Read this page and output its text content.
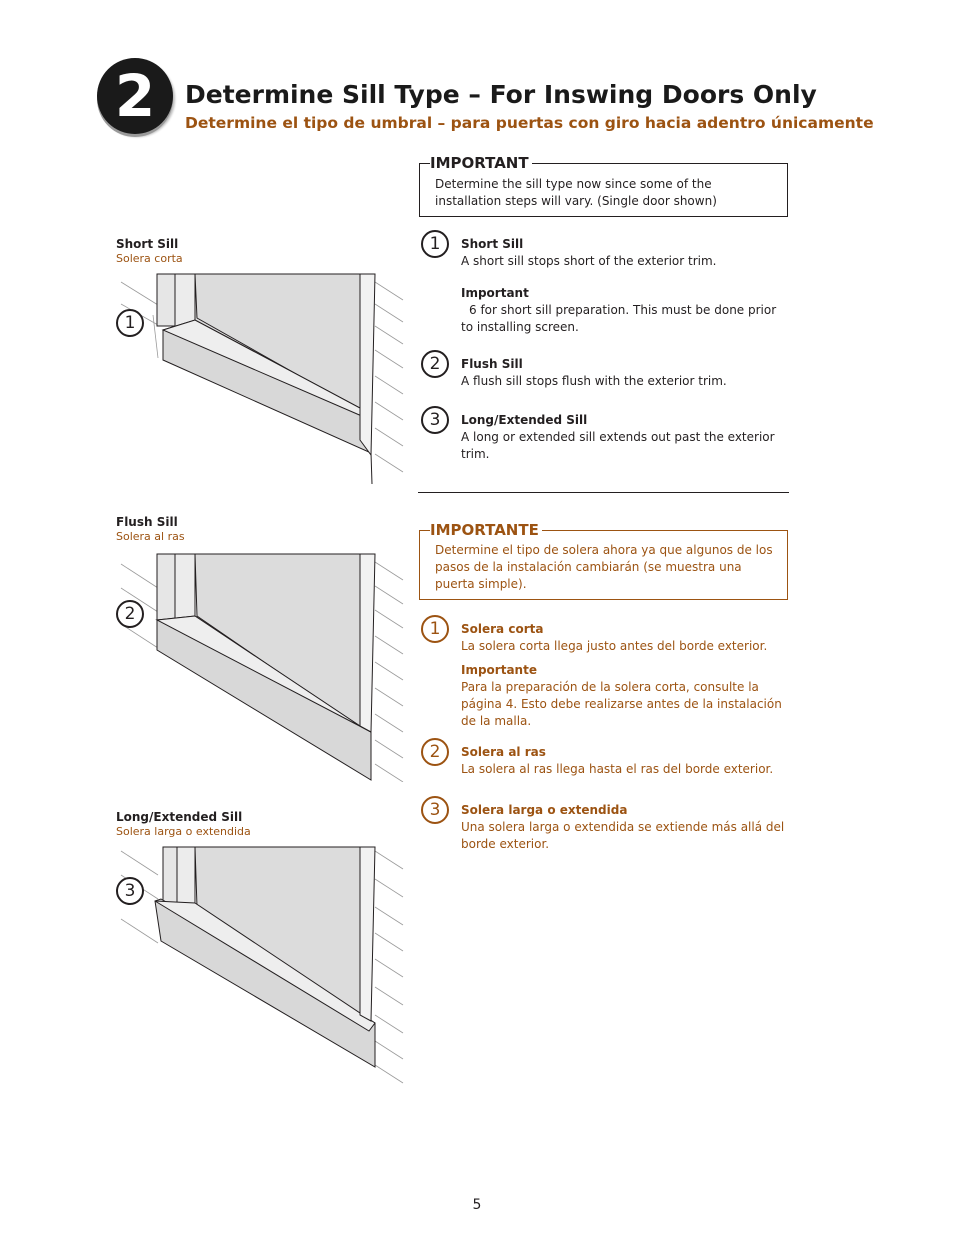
2	Determine Sill Type – For Inswing Doors Only
Determine el tipo de umbral – para puertas con giro hacia adentro únicamente
Short Sill
Solera corta
1
Flush Sill
Solera al ras
2
Long/Extended Sill
Solera larga o extendida
3
IMPORTANT
Determine the sill type now since some of the installation steps will vary. (Single door shown)
1	Short Sill
A short sill stops short of the exterior trim.
Important
6 for short sill preparation. This must be done prior to installing screen.
2	Flush Sill
A flush sill stops flush with the exterior trim.
3	Long/Extended Sill
A long or extended sill extends out past the exterior trim.
IMPORTANTE
Determine el tipo de solera ahora ya que algunos de los pasos de la instalación cambiarán (se muestra una puerta simple).
1	Solera corta
La solera corta llega justo antes del borde exterior.
Importante
Para la preparación de la solera corta, consulte la página 4. Esto debe realizarse antes de la instalación de la malla.
2	Solera al ras
La solera al ras llega hasta el ras del borde exterior.
3	Solera larga o extendida
Una solera larga o extendida se extiende más allá del borde exterior.
5
